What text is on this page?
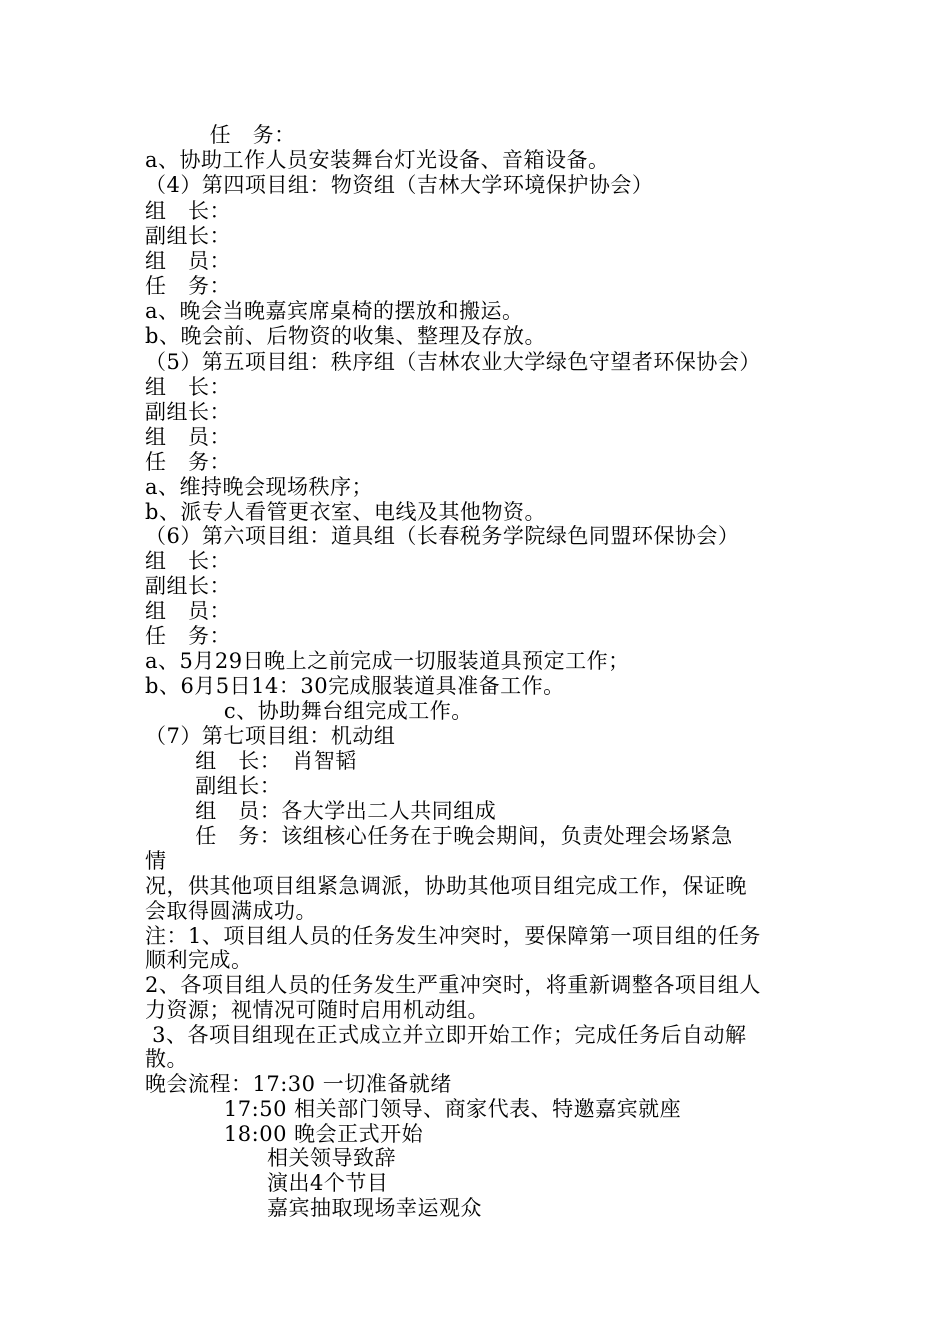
任　务：
a、协助工作人员安装舞台灯光设备、音箱设备。
（4）第四项目组：物资组（吉林大学环境保护协会）
组　长：
副组长：
组　员：
任　务：
a、晚会当晚嘉宾席桌椅的摆放和搬运。
b、晚会前、后物资的收集、整理及存放。
（5）第五项目组：秩序组（吉林农业大学绿色守望者环保协会）
组　长：
副组长：
组　员：
任　务：
a、维持晚会现场秩序；
b、派专人看管更衣室、电线及其他物资。
（6）第六项目组：道具组（长春税务学院绿色同盟环保协会）
组　长：
副组长：
组　员：
任　务：
a、5月29日晚上之前完成一切服装道具预定工作；
b、6月5日14：30完成服装道具准备工作。
c、协助舞台组完成工作。
（7）第七项目组：机动组
组　长：　肖智韬
副组长：
组　员：各大学出二人共同组成
任　务：该组核心任务在于晚会期间，负责处理会场紧急
情
况，供其他项目组紧急调派，协助其他项目组完成工作，保证晚
会取得圆满成功。
注：1、项目组人员的任务发生冲突时，要保障第一项目组的任务
顺利完成。
2、各项目组人员的任务发生严重冲突时，将重新调整各项目组人
力资源；视情况可随时启用机动组。
3、各项目组现在正式成立并立即开始工作；完成任务后自动解
散。
晚会流程：17:30 一切准备就绪
17:50 相关部门领导、商家代表、特邀嘉宾就座
18:00 晚会正式开始
相关领导致辞
演出4个节目
嘉宾抽取现场幸运观众
